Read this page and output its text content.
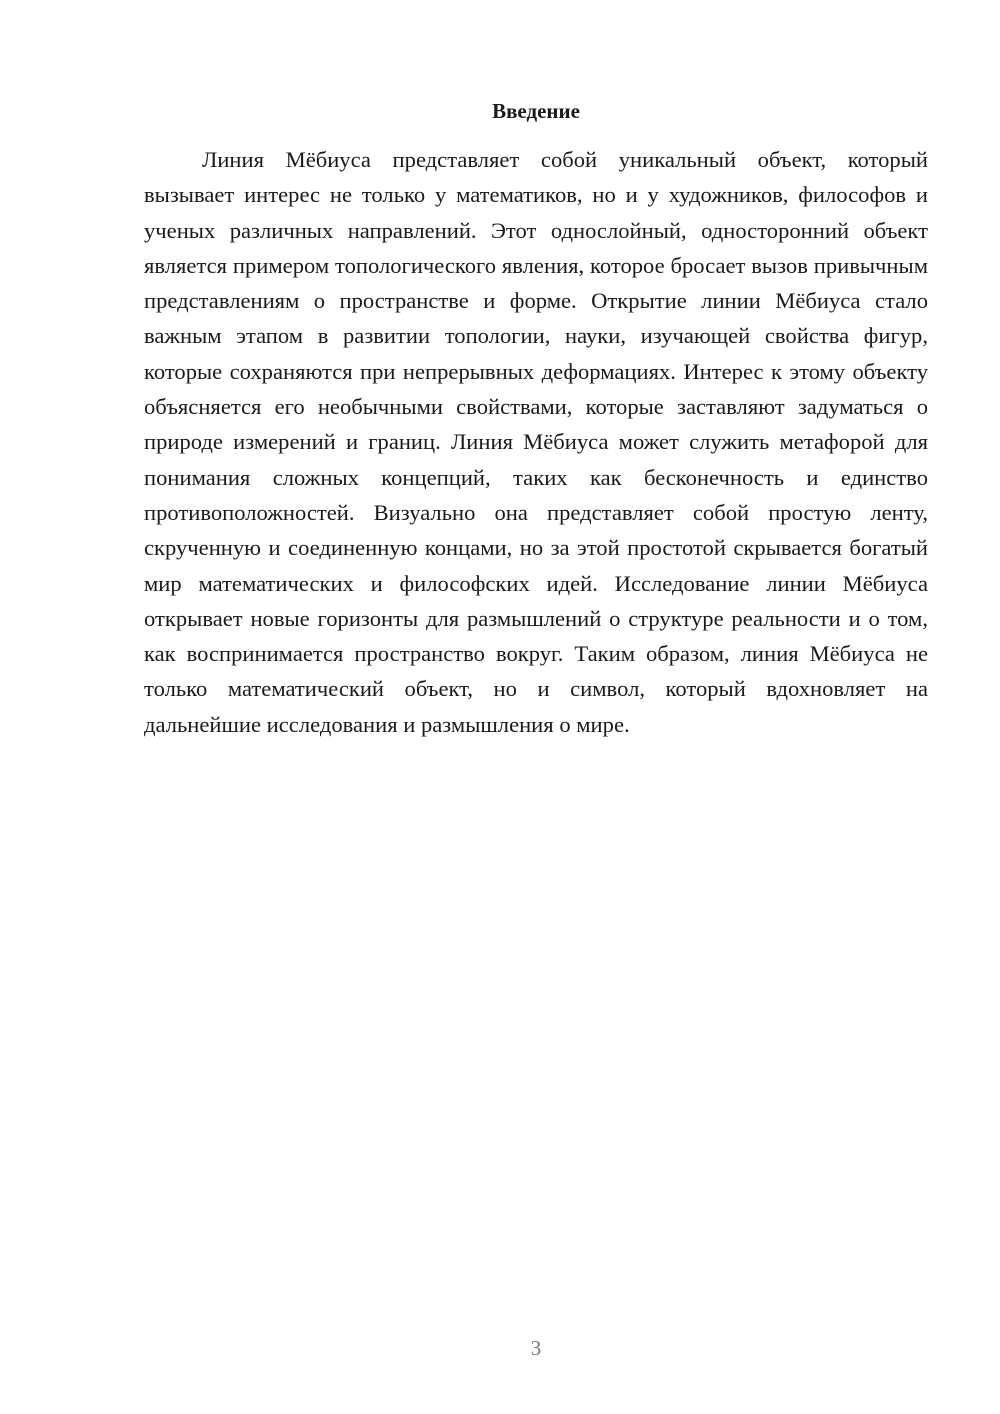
Введение

Линия Мёбиуса представляет собой уникальный объект, который вызывает интерес не только у математиков, но и у художников, философов и ученых различных направлений. Этот однослойный, односторонний объект является примером топологического явления, которое бросает вызов привычным представлениям о пространстве и форме. Открытие линии Мёбиуса стало важным этапом в развитии топологии, науки, изучающей свойства фигур, которые сохраняются при непрерывных деформациях. Интерес к этому объекту объясняется его необычными свойствами, которые заставляют задуматься о природе измерений и границ. Линия Мёбиуса может служить метафорой для понимания сложных концепций, таких как бесконечность и единство противоположностей. Визуально она представляет собой простую ленту, скрученную и соединенную концами, но за этой простотой скрывается богатый мир математических и философских идей. Исследование линии Мёбиуса открывает новые горизонты для размышлений о структуре реальности и о том, как воспринимается пространство вокруг. Таким образом, линия Мёбиуса не только математический объект, но и символ, который вдохновляет на дальнейшие исследования и размышления о мире.

3
